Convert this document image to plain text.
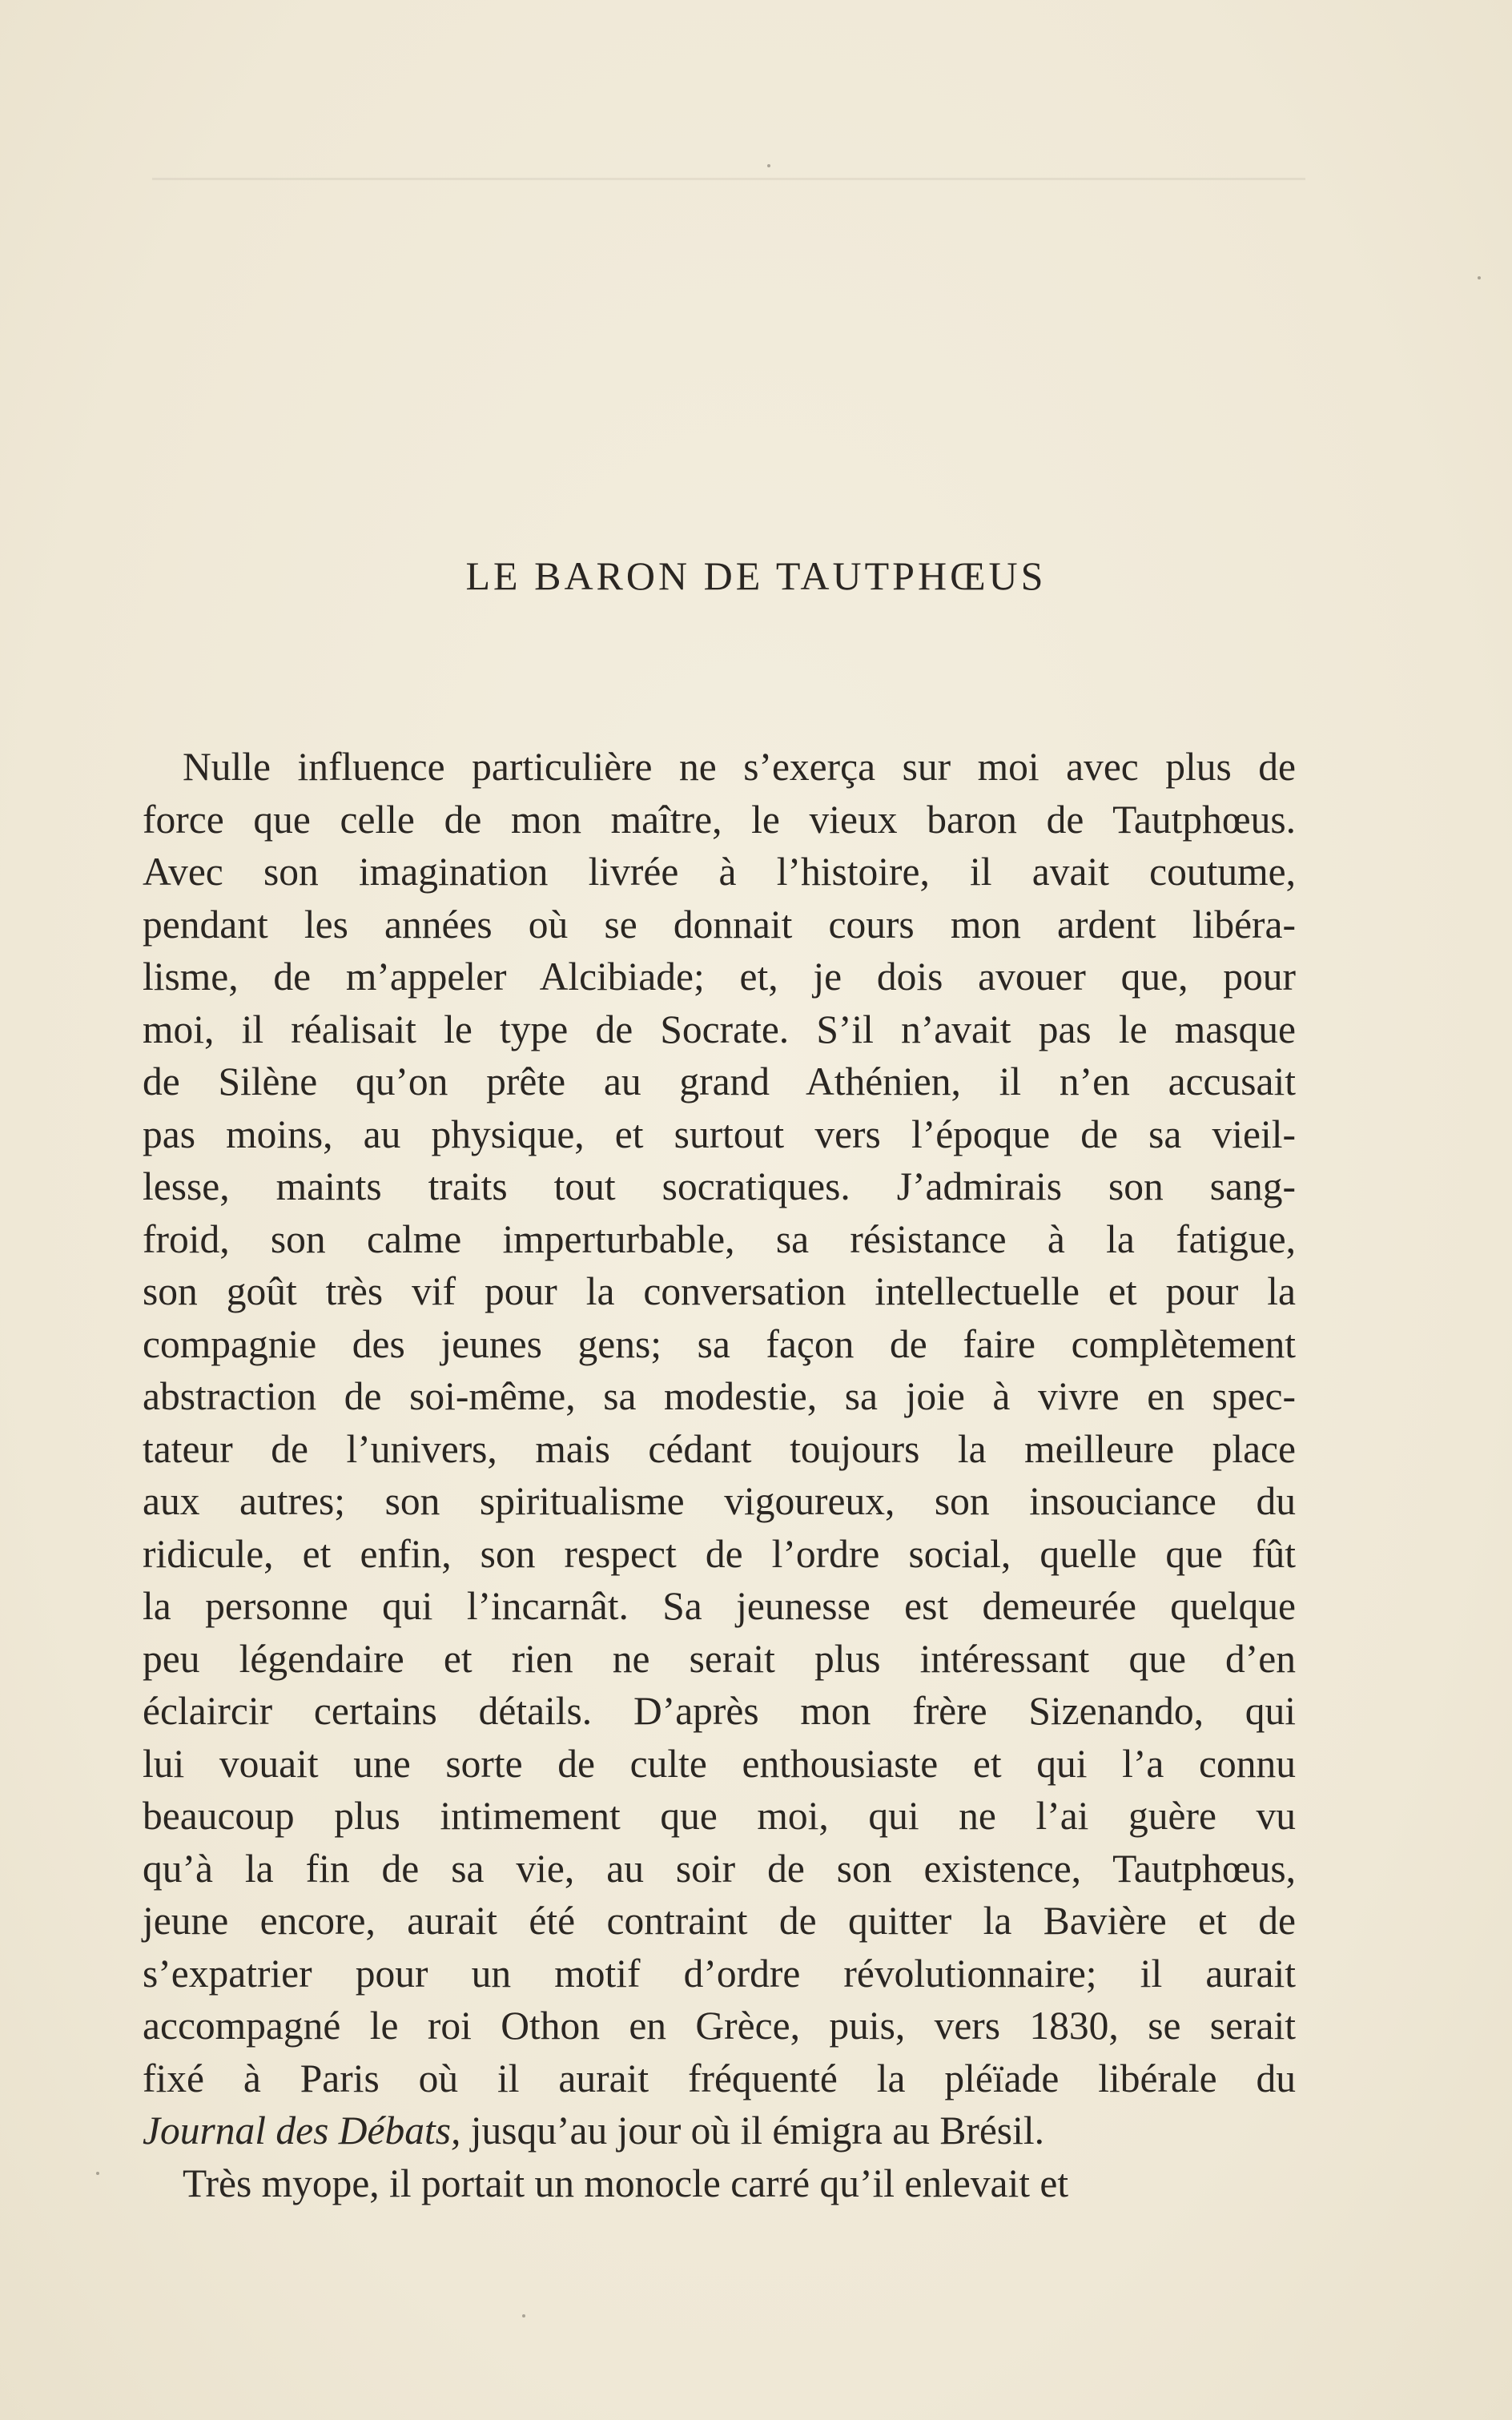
LE BARON DE TAUTPHŒUS
Nulle influence particulière ne s’exerça sur moi avec plus de
force que celle de mon maître, le vieux baron de Tautphœus.
Avec son imagination livrée à l’histoire, il avait coutume,
pendant les années où se donnait cours mon ardent libéra-
lisme, de m’appeler Alcibiade; et, je dois avouer que, pour
moi, il réalisait le type de Socrate. S’il n’avait pas le masque
de Silène qu’on prête au grand Athénien, il n’en accusait
pas moins, au physique, et surtout vers l’époque de sa vieil-
lesse, maints traits tout socratiques. J’admirais son sang-
froid, son calme imperturbable, sa résistance à la fatigue,
son goût très vif pour la conversation intellectuelle et pour la
compagnie des jeunes gens; sa façon de faire complètement
abstraction de soi-même, sa modestie, sa joie à vivre en spec-
tateur de l’univers, mais cédant toujours la meilleure place
aux autres; son spiritualisme vigoureux, son insouciance du
ridicule, et enfin, son respect de l’ordre social, quelle que fût
la personne qui l’incarnât. Sa jeunesse est demeurée quelque
peu légendaire et rien ne serait plus intéressant que d’en
éclaircir certains détails. D’après mon frère Sizenando, qui
lui vouait une sorte de culte enthousiaste et qui l’a connu
beaucoup plus intimement que moi, qui ne l’ai guère vu
qu’à la fin de sa vie, au soir de son existence, Tautphœus,
jeune encore, aurait été contraint de quitter la Bavière et de
s’expatrier pour un motif d’ordre révolutionnaire; il aurait
accompagné le roi Othon en Grèce, puis, vers 1830, se serait
fixé à Paris où il aurait fréquenté la pléïade libérale du
Journal des Débats, jusqu’au jour où il émigra au Brésil.
Très myope, il portait un monocle carré qu’il enlevait et
